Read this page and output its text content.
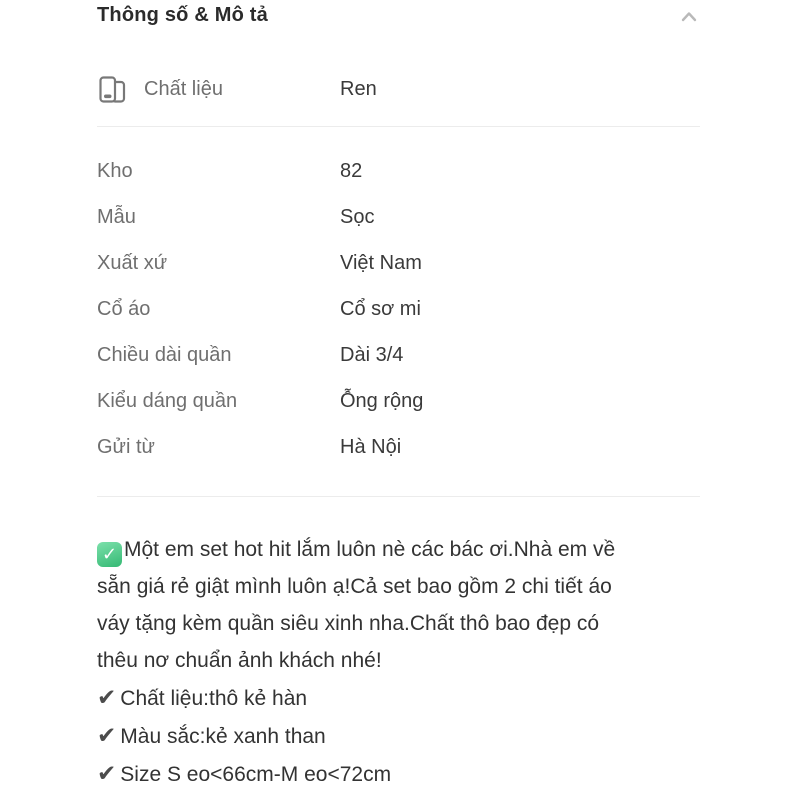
Thông số & Mô tả
Chất liệu	Ren
Kho	82
Mẫu	Sọc
Xuất xứ	Việt Nam
Cổ áo	Cổ sơ mi
Chiều dài quần	Dài 3/4
Kiểu dáng quần	Ỗng rộng
Gửi từ	Hà Nội
✓Một em set hot hit lắm luôn nè các bác ơi.Nhà em về
sẵn giá rẻ giật mình luôn ạ!Cả set bao gồm 2 chi tiết áo
váy tặng kèm quần siêu xinh nha.Chất thô bao đẹp có
thêu nơ chuẩn ảnh khách nhé!
✔Chất liệu:thô kẻ hàn
✔Màu sắc:kẻ xanh than
✔Size S eo<66cm-M eo<72cm
